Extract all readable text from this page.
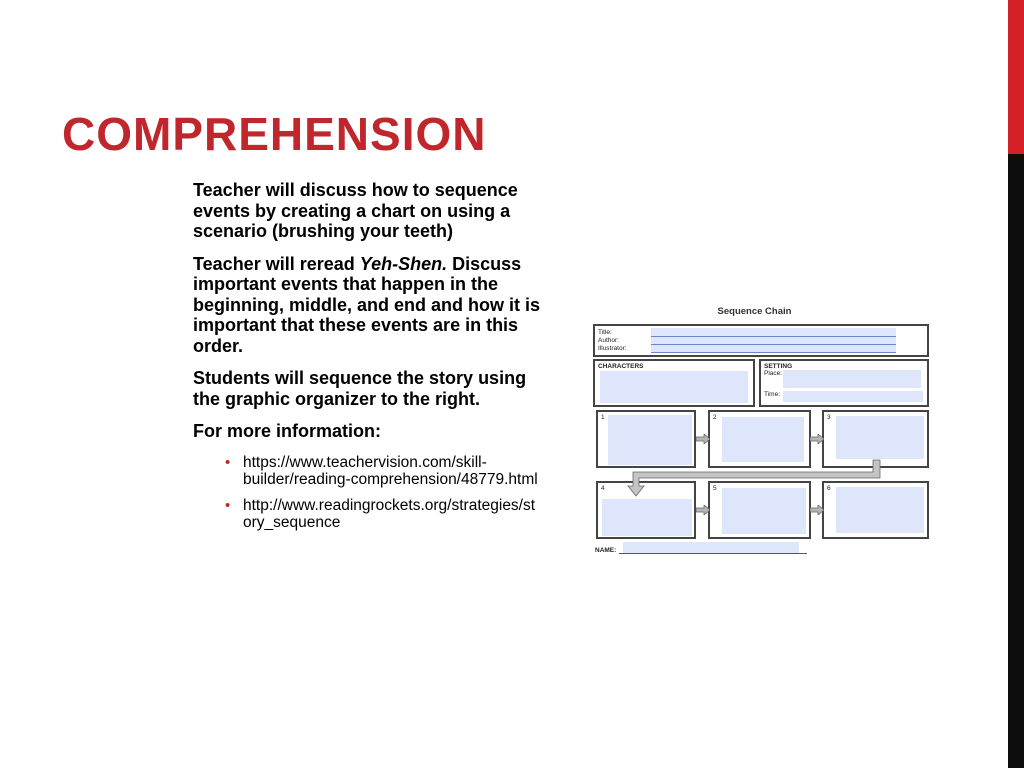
COMPREHENSION

Teacher will discuss how to sequence events by creating a chart on using a scenario (brushing your teeth)

Teacher will reread Yeh-Shen. Discuss important events that happen in the beginning, middle, and end and how it is important that these events are in this order.

Students will sequence the story using the graphic organizer to the right.

For more information:

• https://www.teachervision.com/skill-builder/reading-comprehension/48779.html
• http://www.readingrockets.org/strategies/story_sequence
Sequence Chain
Title:
Author:
Illustrator:
CHARACTERS	SETTING
Place:
Time:
1	2	3
4	5	6
NAME:
